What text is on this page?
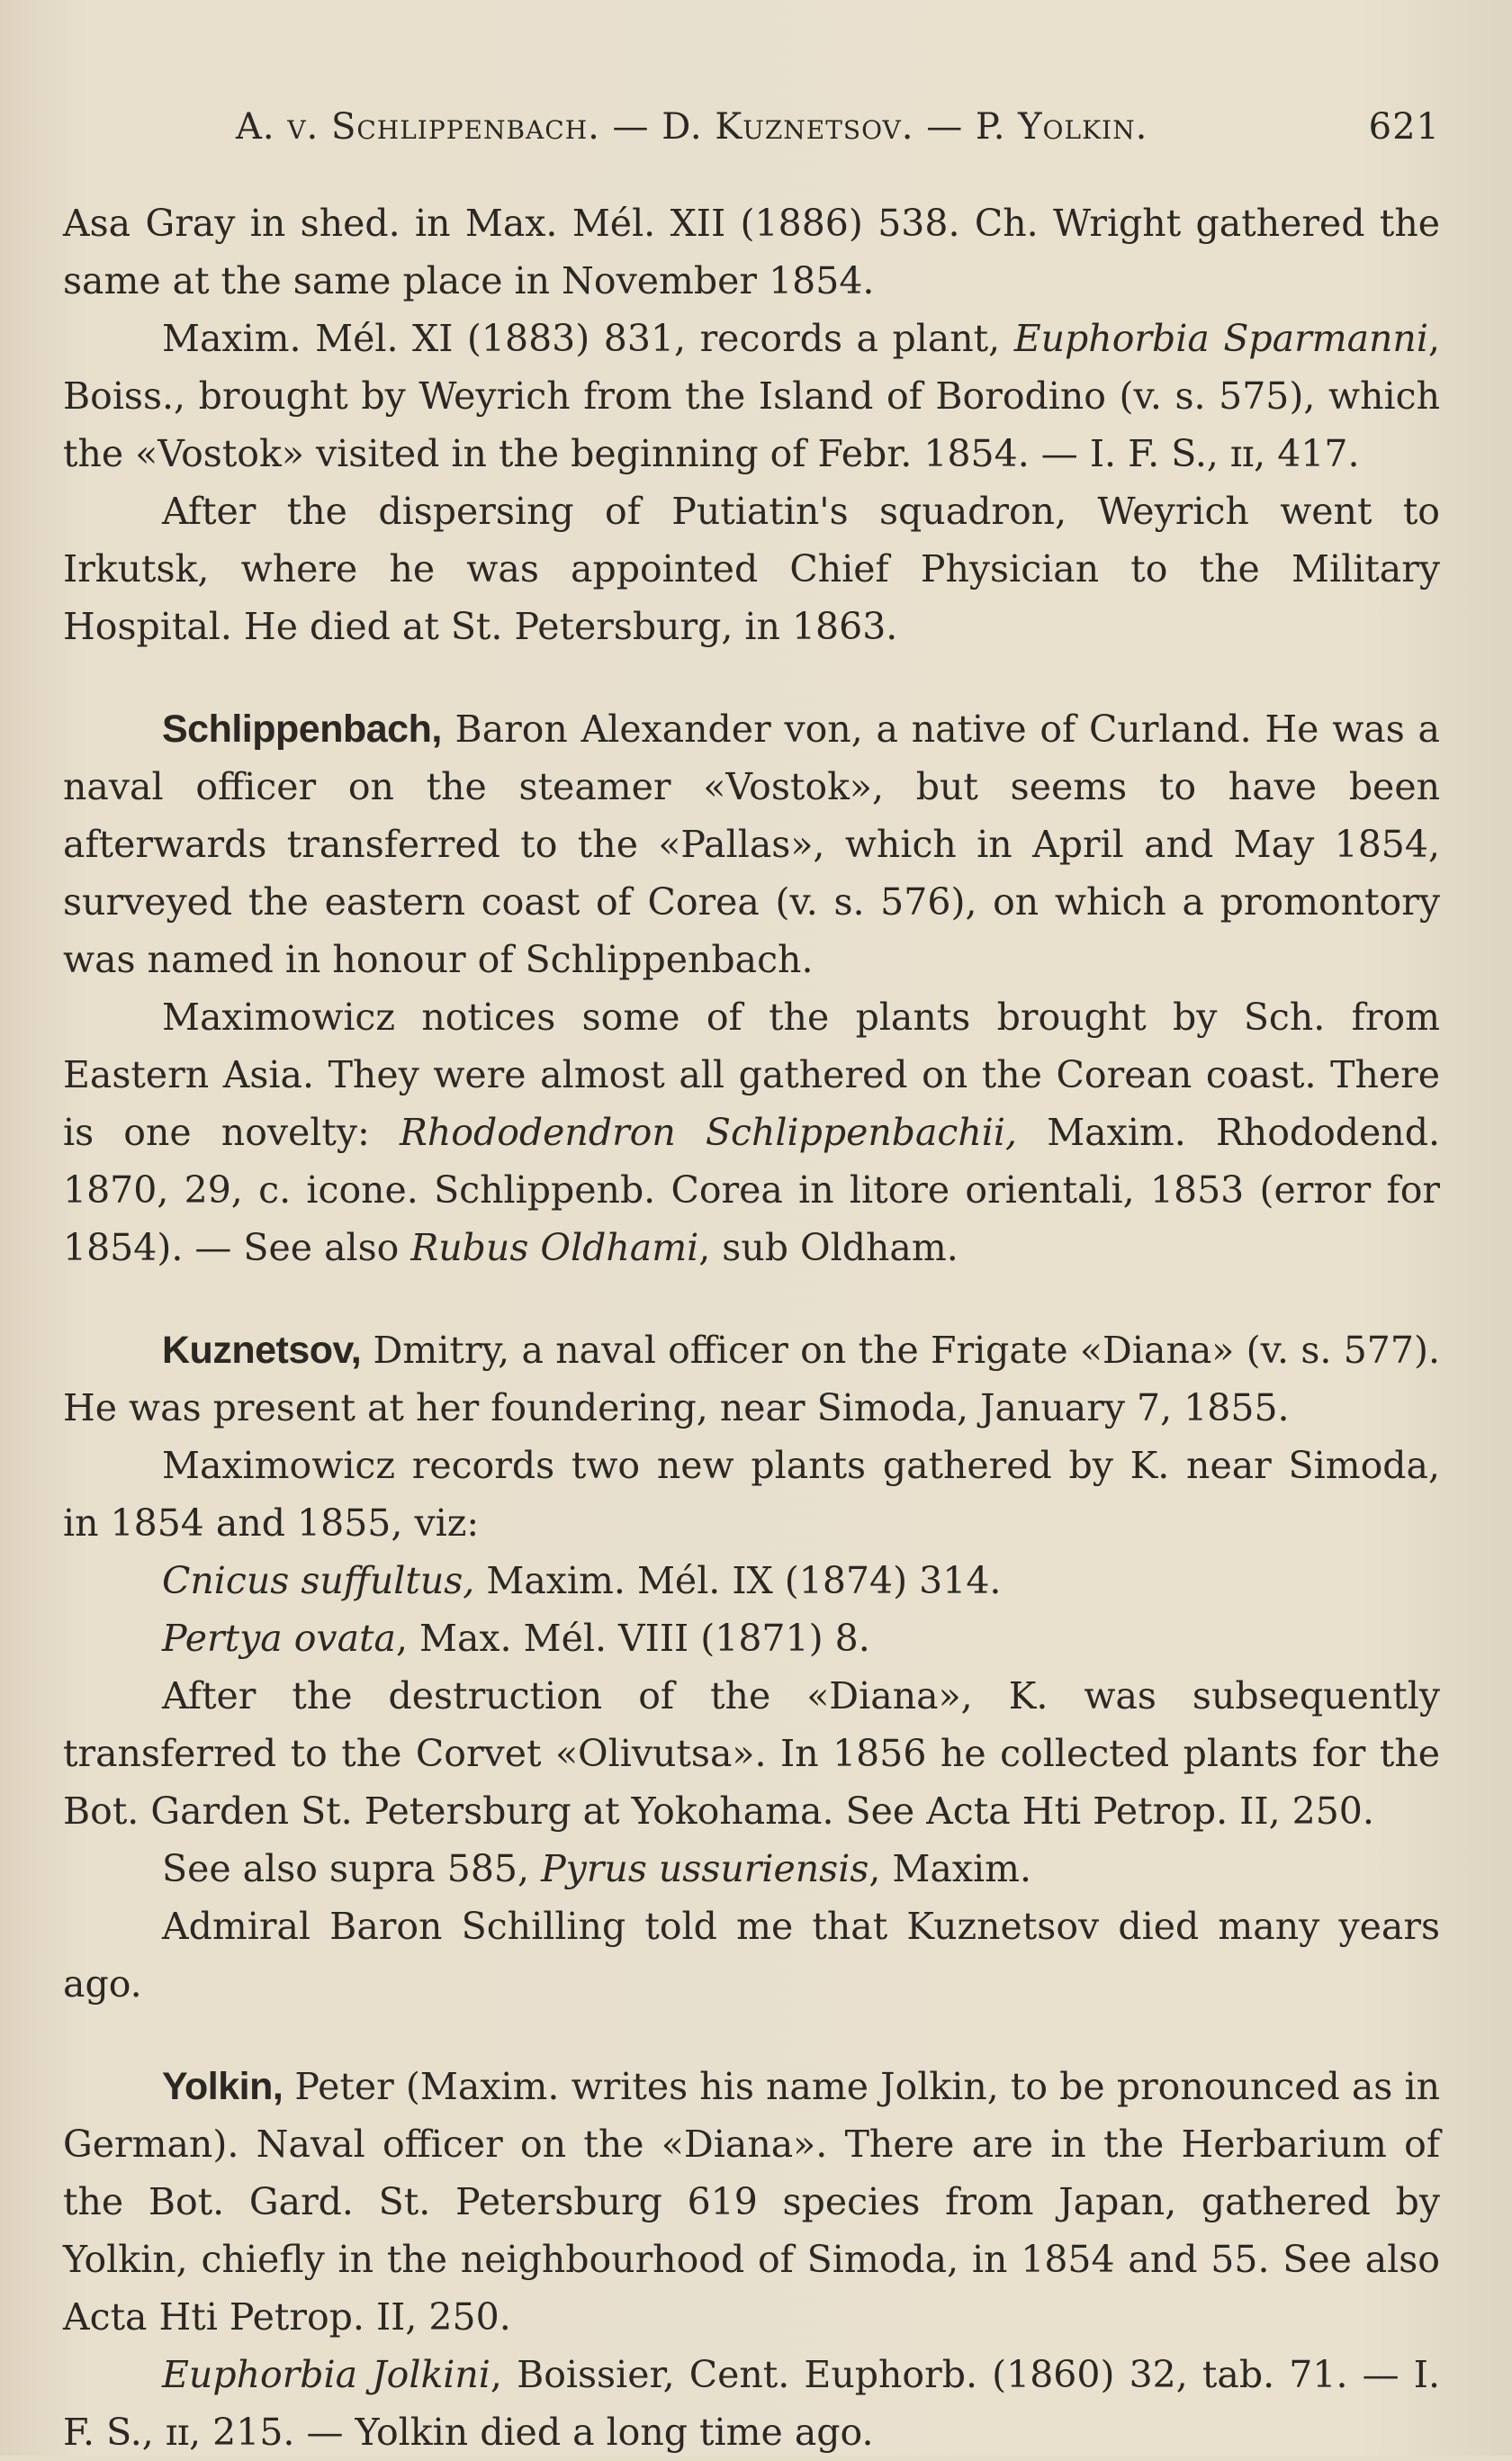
A. v. Schlippenbach. — D. Kuznetsov. — P. Yolkin.	621

Asa Gray in shed. in Max. Mél. XII (1886) 538. Ch. Wright gathered the same at the same place in November 1854.

Maxim. Mél. XI (1883) 831, records a plant, Euphorbia Sparmanni, Boiss., brought by Weyrich from the Island of Borodino (v. s. 575), which the «Vostok» visited in the beginning of Febr. 1854. — I. F. S., ɪɪ, 417.

After the dispersing of Putiatin's squadron, Weyrich went to Irkutsk, where he was appointed Chief Physician to the Military Hospital. He died at St. Petersburg, in 1863.

Schlippenbach, Baron Alexander von, a native of Curland. He was a naval officer on the steamer «Vostok», but seems to have been afterwards transferred to the «Pallas», which in April and May 1854, surveyed the eastern coast of Corea (v. s. 576), on which a promontory was named in honour of Schlippenbach.

Maximowicz notices some of the plants brought by Sch. from Eastern Asia. They were almost all gathered on the Corean coast. There is one novelty: Rhododendron Schlippenbachii, Maxim. Rhododend. 1870, 29, c. icone. Schlippenb. Corea in litore orientali, 1853 (error for 1854). — See also Rubus Oldhami, sub Oldham.

Kuznetsov, Dmitry, a naval officer on the Frigate «Diana» (v. s. 577). He was present at her foundering, near Simoda, January 7, 1855.

Maximowicz records two new plants gathered by K. near Simoda, in 1854 and 1855, viz:

Cnicus suffultus, Maxim. Mél. IX (1874) 314.

Pertya ovata, Max. Mél. VIII (1871) 8.

After the destruction of the «Diana», K. was subsequently transferred to the Corvet «Olivutsa». In 1856 he collected plants for the Bot. Garden St. Petersburg at Yokohama. See Acta Hti Petrop. II, 250.

See also supra 585, Pyrus ussuriensis, Maxim.

Admiral Baron Schilling told me that Kuznetsov died many years ago.

Yolkin, Peter (Maxim. writes his name Jolkin, to be pronounced as in German). Naval officer on the «Diana». There are in the Herbarium of the Bot. Gard. St. Petersburg 619 species from Japan, gathered by Yolkin, chiefly in the neighbourhood of Simoda, in 1854 and 55. See also Acta Hti Petrop. II, 250.

Euphorbia Jolkini, Boissier, Cent. Euphorb. (1860) 32, tab. 71. — I. F. S., ɪɪ, 215. — Yolkin died a long time ago.
